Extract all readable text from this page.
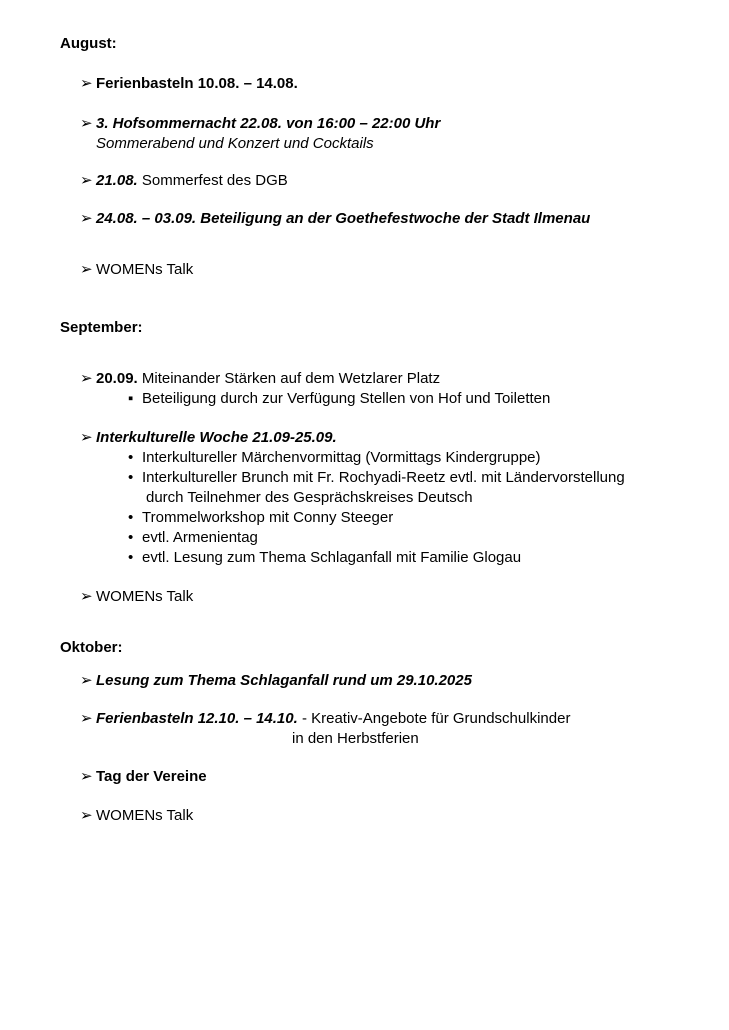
August:
➢ Ferienbasteln 10.08. – 14.08.
➢ 3. Hofsommernacht 22.08. von 16:00 – 22:00 Uhr
Sommerabend und Konzert und Cocktails
➢ 21.08. Sommerfest des DGB
➢ 24.08. – 03.09. Beteiligung an der Goethefestwoche der Stadt Ilmenau
➢ WOMENs Talk
September:
➢ 20.09. Miteinander Stärken auf dem Wetzlarer Platz
▪ Beteiligung durch zur Verfügung Stellen von Hof und Toiletten
➢ Interkulturelle Woche 21.09-25.09.
• Interkultureller Märchenvormittag (Vormittags Kindergruppe)
• Interkultureller Brunch mit Fr. Rochyadi-Reetz evtl. mit Ländervorstellung
durch Teilnehmer des Gesprächskreises Deutsch
• Trommelworkshop mit Conny Steeger
• evtl. Armenientag
• evtl. Lesung zum Thema Schlaganfall mit Familie Glogau
➢ WOMENs Talk
Oktober:
➢ Lesung zum Thema Schlaganfall rund um 29.10.2025
➢ Ferienbasteln 12.10. – 14.10. - Kreativ-Angebote für Grundschulkinder
in den Herbstferien
➢ Tag der Vereine
➢ WOMENs Talk
